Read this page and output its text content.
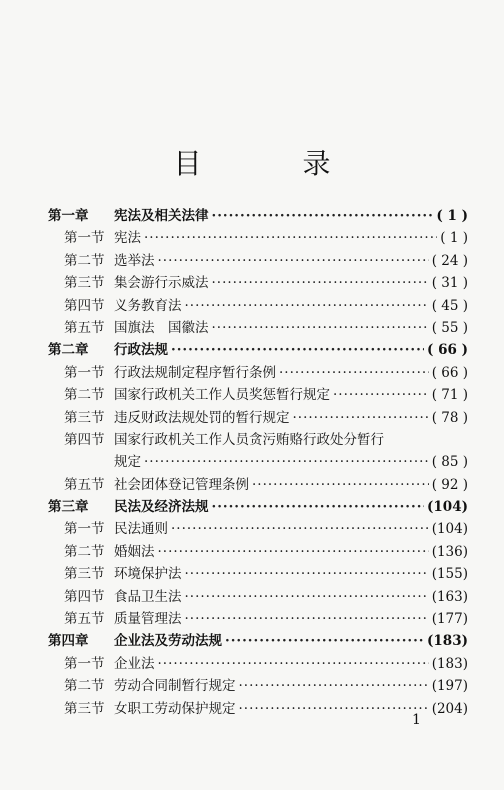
目 录
第一章	宪法及相关法律 ·····	( 1 )
第一节 宪法 ·····	( 1 )
第二节 选举法 ·····	( 24 )
第三节 集会游行示威法 ·····	( 31 )
第四节 义务教育法 ·····	( 45 )
第五节 国旗法　国徽法 ·····	( 55 )
第二章	行政法规 ·····	( 66 )
第一节 行政法规制定程序暂行条例 ·····	( 66 )
第二节 国家行政机关工作人员奖惩暂行规定 ·····	( 71 )
第三节 违反财政法规处罚的暂行规定 ·····	( 78 )
第四节 国家行政机关工作人员贪污贿赂行政处分暂行
规定 ·····	( 85 )
第五节 社会团体登记管理条例 ·····	( 92 )
第三章	民法及经济法规 ·····	(104)
第一节 民法通则 ·····	(104)
第二节 婚姻法 ·····	(136)
第三节 环境保护法 ·····	(155)
第四节 食品卫生法 ·····	(163)
第五节 质量管理法 ·····	(177)
第四章	企业法及劳动法规 ·····	(183)
第一节 企业法 ·····	(183)
第二节 劳动合同制暂行规定 ·····	(197)
第三节 女职工劳动保护规定 ·····	(204)
1
